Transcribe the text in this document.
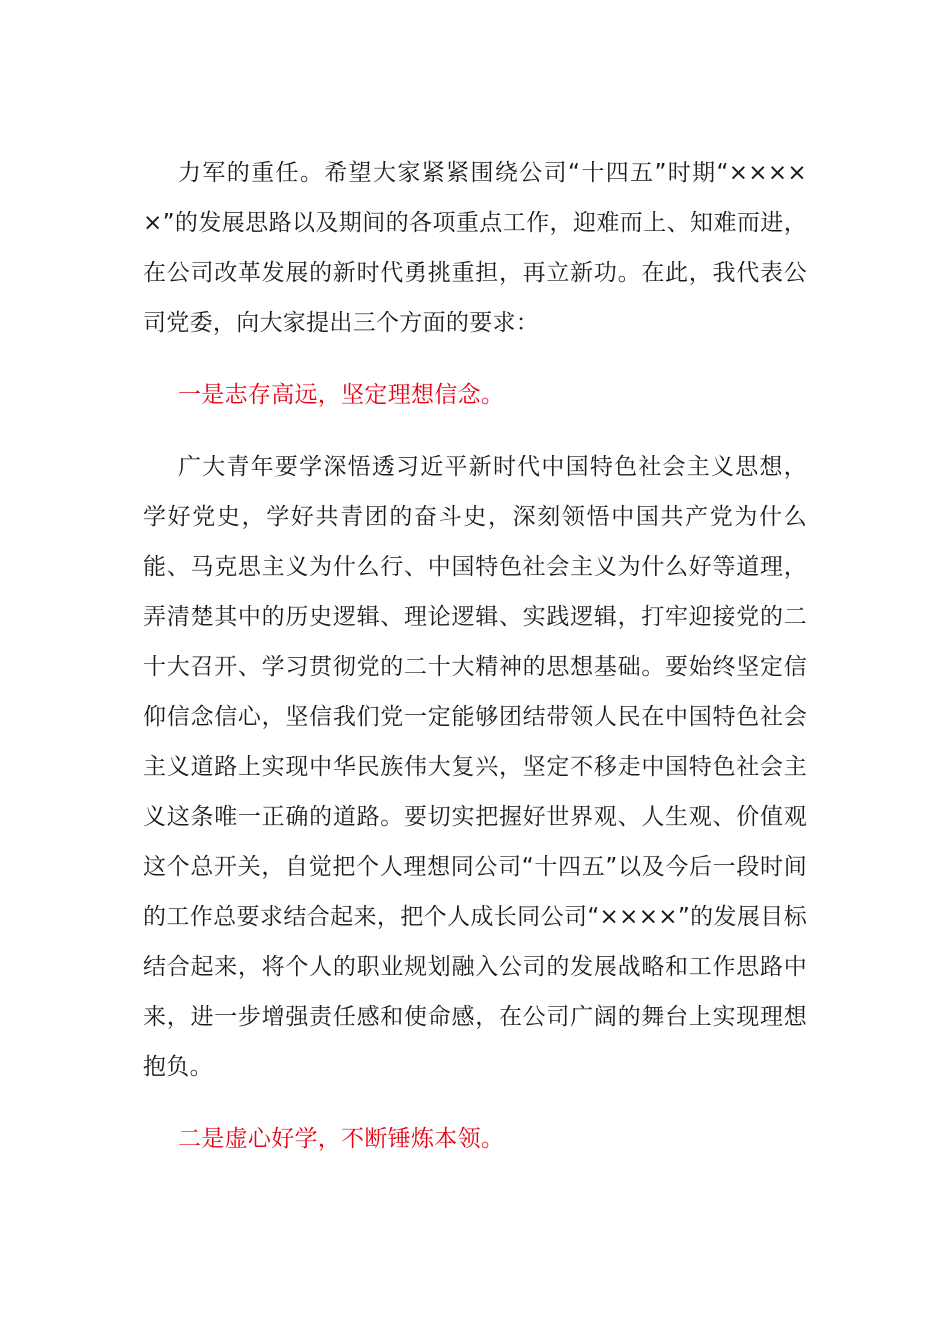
力军的重任。希望大家紧紧围绕公司“十四五”时期“×××××”的发展思路以及期间的各项重点工作，迎难而上、知难而进，在公司改革发展的新时代勇挑重担，再立新功。在此，我代表公司党委，向大家提出三个方面的要求：

一是志存高远，坚定理想信念。

广大青年要学深悟透习近平新时代中国特色社会主义思想，学好党史，学好共青团的奋斗史，深刻领悟中国共产党为什么能、马克思主义为什么行、中国特色社会主义为什么好等道理，弄清楚其中的历史逻辑、理论逻辑、实践逻辑，打牢迎接党的二十大召开、学习贯彻党的二十大精神的思想基础。要始终坚定信仰信念信心，坚信我们党一定能够团结带领人民在中国特色社会主义道路上实现中华民族伟大复兴，坚定不移走中国特色社会主义这条唯一正确的道路。要切实把握好世界观、人生观、价值观这个总开关，自觉把个人理想同公司“十四五”以及今后一段时间的工作总要求结合起来，把个人成长同公司“××××”的发展目标结合起来，将个人的职业规划融入公司的发展战略和工作思路中来，进一步增强责任感和使命感，在公司广阔的舞台上实现理想抱负。

二是虚心好学，不断锤炼本领。
